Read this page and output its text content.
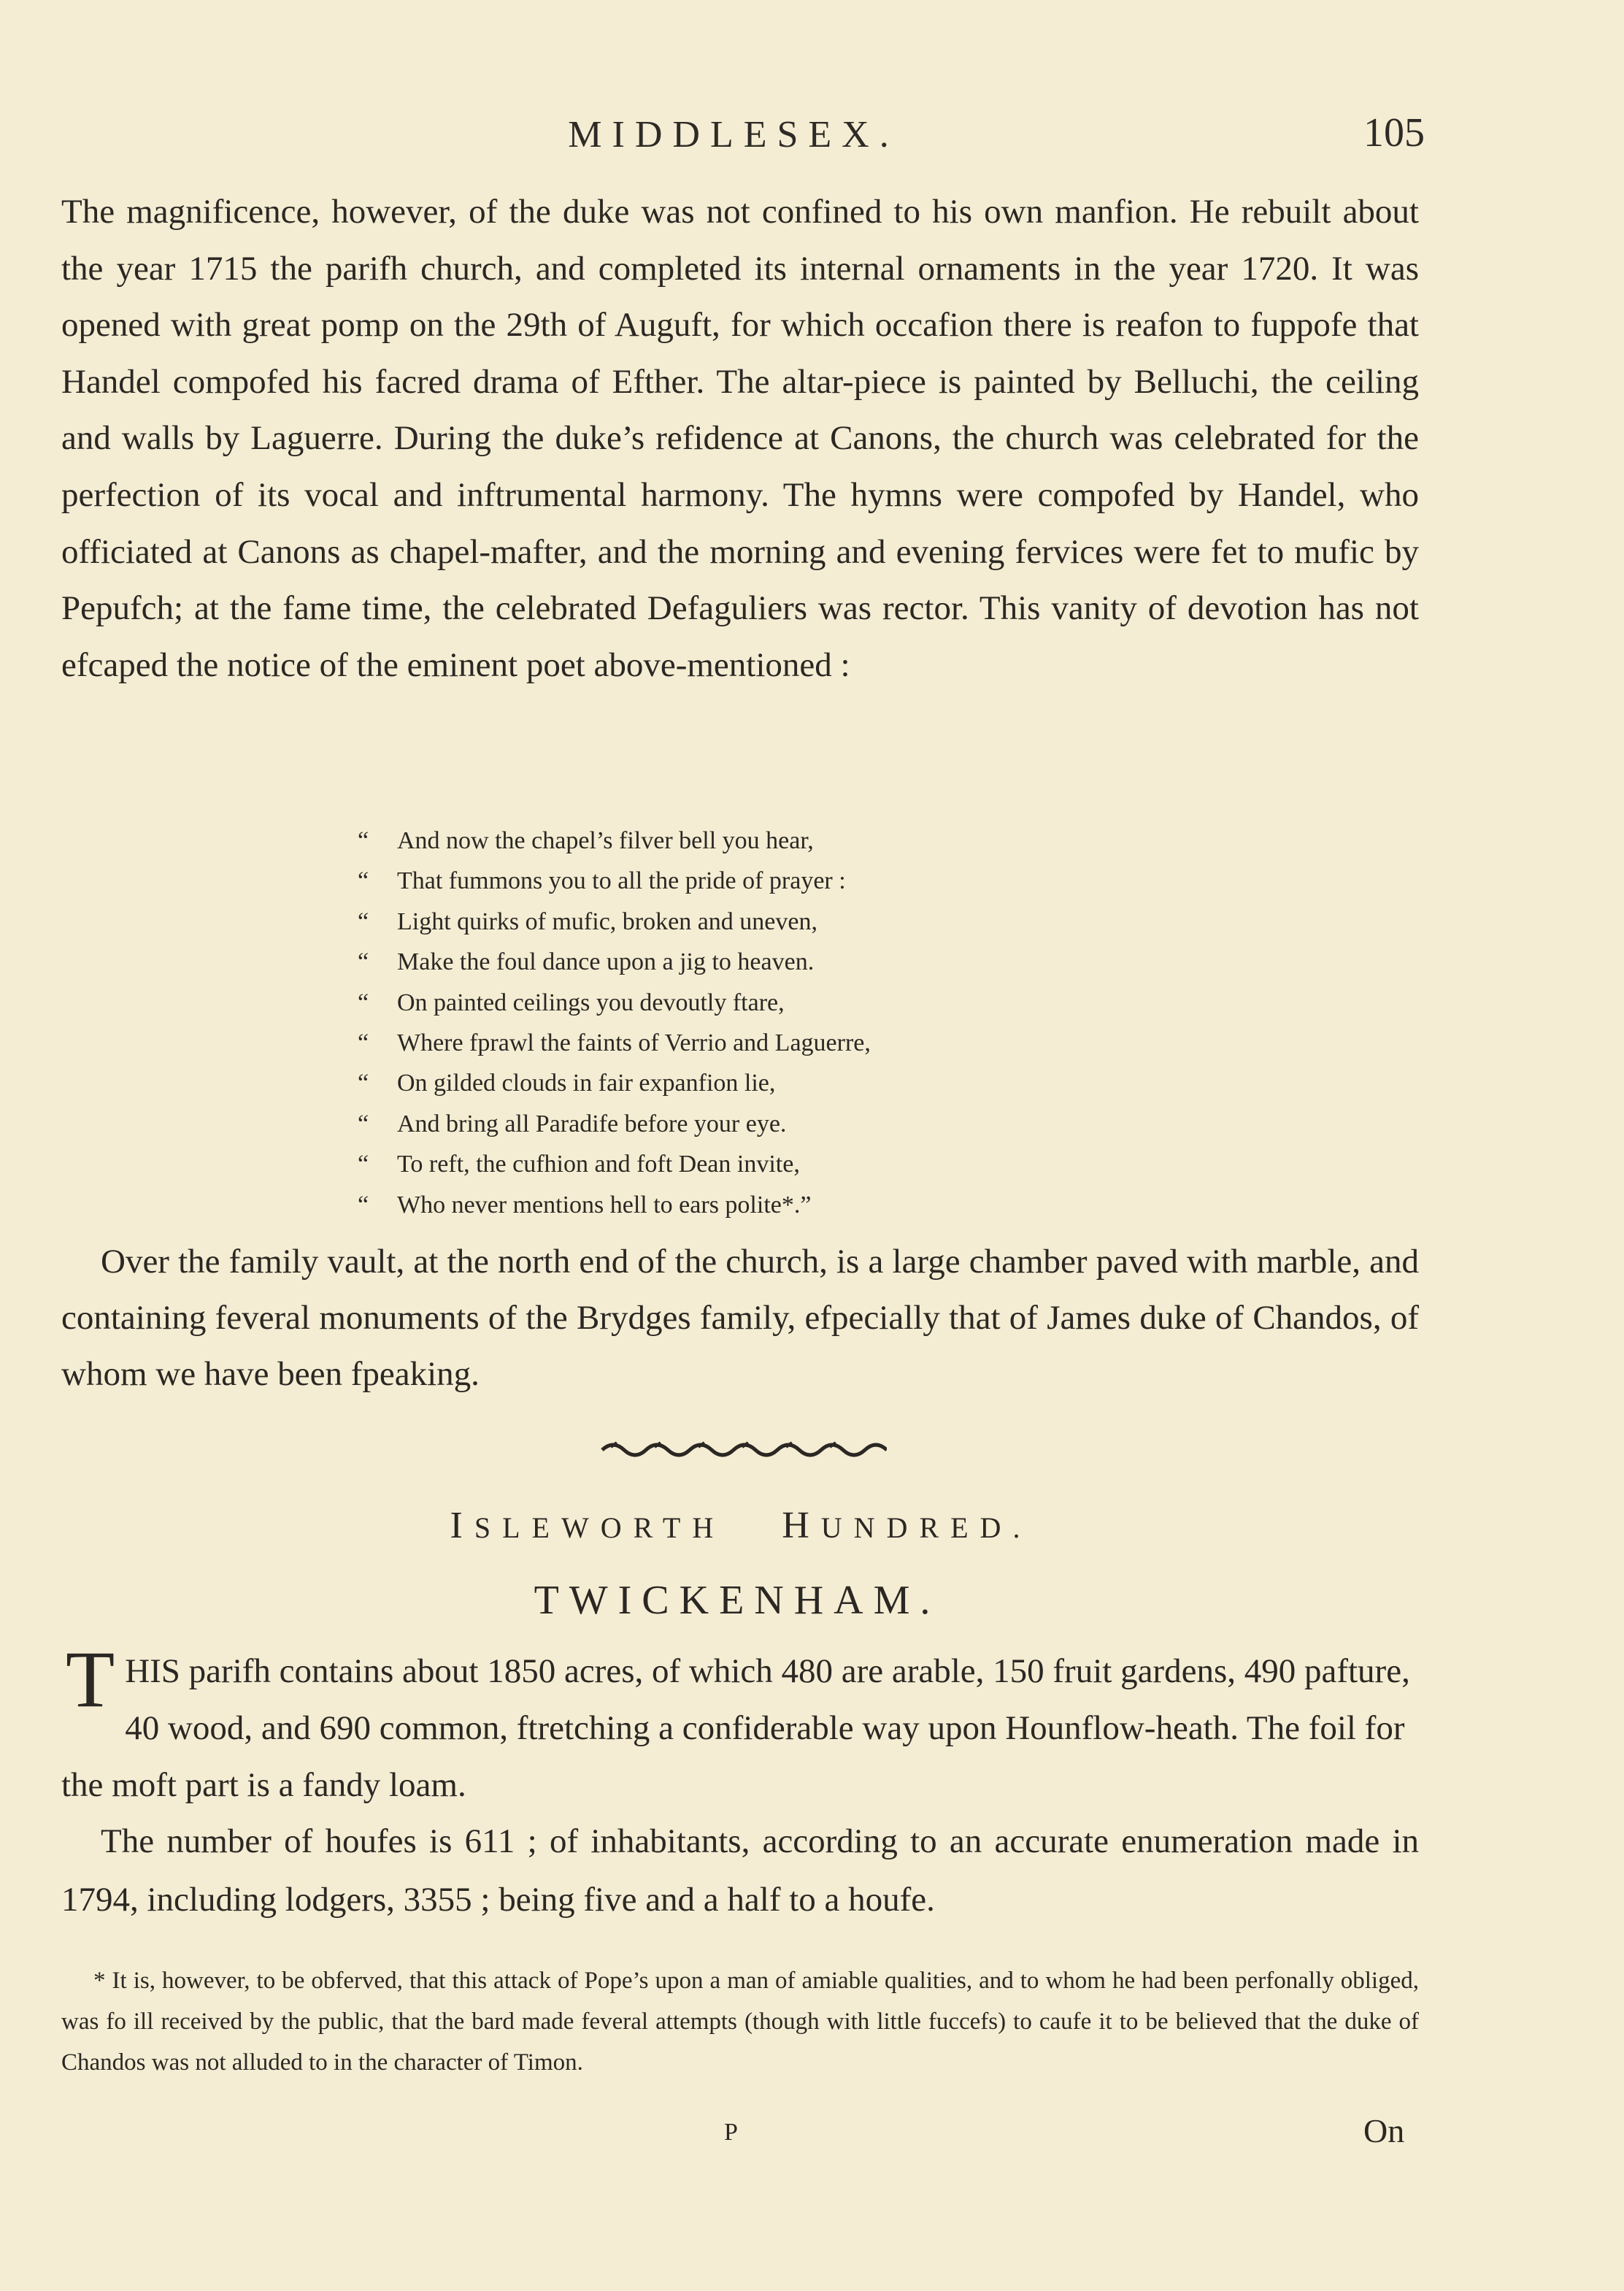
MIDDLESEX.	105

The magnificence, however, of the duke was not confined to his own manfion. He rebuilt about the year 1715 the parifh church, and completed its internal ornaments in the year 1720. It was opened with great pomp on the 29th of Auguft, for which occafion there is reafon to fuppofe that Handel compofed his facred drama of Efther. The altar-piece is painted by Belluchi, the ceiling and walls by Laguerre. During the duke’s refidence at Canons, the church was celebrated for the perfection of its vocal and inftrumental harmony. The hymns were compofed by Handel, who officiated at Canons as chapel-mafter, and the morning and evening fervices were fet to mufic by Pepufch; at the fame time, the celebrated Defaguliers was rector. This vanity of devotion has not efcaped the notice of the eminent poet above-mentioned :

“ And now the chapel’s filver bell you hear,
“ That fummons you to all the pride of prayer :
“ Light quirks of mufic, broken and uneven,
“ Make the foul dance upon a jig to heaven.
“ On painted ceilings you devoutly ftare,
“ Where fprawl the faints of Verrio and Laguerre,
“ On gilded clouds in fair expanfion lie,
“ And bring all Paradife before your eye.
“ To reft, the cufhion and foft Dean invite,
“ Who never mentions hell to ears polite*.”

Over the family vault, at the north end of the church, is a large chamber paved with marble, and containing feveral monuments of the Brydges family, efpecially that of James duke of Chandos, of whom we have been fpeaking.

ISLEWORTH HUNDRED.
TWICKENHAM.

THIS parifh contains about 1850 acres, of which 480 are arable, 150 fruit gardens, 490 pafture, 40 wood, and 690 common, ftretching a confiderable way upon Hounflow-heath. The foil for the moft part is a fandy loam.

The number of houfes is 611 ; of inhabitants, according to an accurate enumeration made in 1794, including lodgers, 3355 ; being five and a half to a houfe.

* It is, however, to be obferved, that this attack of Pope’s upon a man of amiable qualities, and to whom he had been perfonally obliged, was fo ill received by the public, that the bard made feveral attempts (though with little fuccefs) to caufe it to be believed that the duke of Chandos was not alluded to in the character of Timon.

P	On
